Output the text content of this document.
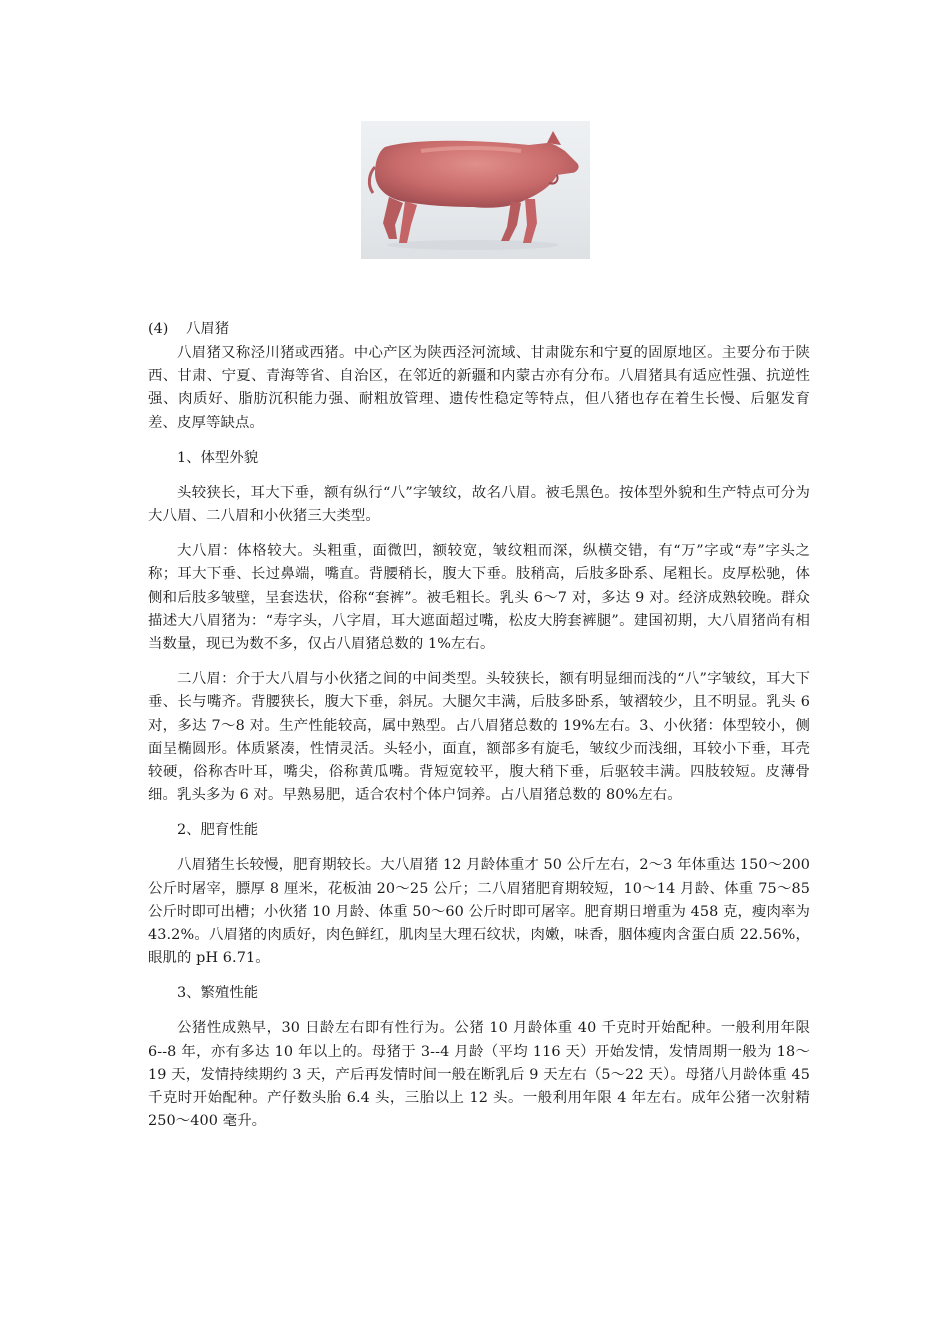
(4) 八眉猪

八眉猪又称泾川猪或西猪。中心产区为陕西泾河流域、甘肃陇东和宁夏的固原地区。主要分布于陕西、甘肃、宁夏、青海等省、自治区，在邻近的新疆和内蒙古亦有分布。八眉猪具有适应性强、抗逆性强、肉质好、脂肪沉积能力强、耐粗放管理、遗传性稳定等特点，但八猪也存在着生长慢、后躯发育差、皮厚等缺点。

1、体型外貌

头较狭长，耳大下垂，额有纵行“八”字皱纹，故名八眉。被毛黑色。按体型外貌和生产特点可分为大八眉、二八眉和小伙猪三大类型。

大八眉：体格较大。头粗重，面微凹，额较宽，皱纹粗而深，纵横交错，有“万”字或“寿”字头之称；耳大下垂、长过鼻端，嘴直。背腰稍长，腹大下垂。肢稍高，后肢多卧系、尾粗长。皮厚松驰，体侧和后肢多皱壁，呈套迭状，俗称“套裤”。被毛粗长。乳头 6～7 对，多达 9 对。经济成熟较晚。群众描述大八眉猪为：“寿字头，八字眉，耳大遮面超过嘴，松皮大胯套裤腿”。建国初期，大八眉猪尚有相当数量，现已为数不多，仅占八眉猪总数的 1%左右。

二八眉：介于大八眉与小伙猪之间的中间类型。头较狭长，额有明显细而浅的“八”字皱纹，耳大下垂、长与嘴齐。背腰狭长，腹大下垂，斜尻。大腿欠丰满，后肢多卧系，皱褶较少，且不明显。乳头 6 对，多达 7～8 对。生产性能较高，属中熟型。占八眉猪总数的 19%左右。3、小伙猪：体型较小，侧面呈椭圆形。体质紧凑，性情灵活。头轻小，面直，额部多有旋毛，皱纹少而浅细，耳较小下垂，耳壳较硬，俗称杏叶耳，嘴尖，俗称黄瓜嘴。背短宽较平，腹大稍下垂，后驱较丰满。四肢较短。皮薄骨细。乳头多为 6 对。早熟易肥，适合农村个体户饲养。占八眉猪总数的 80%左右。

2、肥育性能

八眉猪生长较慢，肥育期较长。大八眉猪 12 月龄体重才 50 公斤左右，2～3 年体重达 150～200 公斤时屠宰，膘厚 8 厘米，花板油 20～25 公斤；二八眉猪肥育期较短，10～14 月龄、体重 75～85 公斤时即可出槽；小伙猪 10 月龄、体重 50～60 公斤时即可屠宰。肥育期日增重为 458 克，瘦肉率为 43.2%。八眉猪的肉质好，肉色鲜红，肌肉呈大理石纹状，肉嫩，味香，胭体瘦肉含蛋白质 22.56%，眼肌的 pH 6.71。

3、繁殖性能

公猪性成熟早，30 日龄左右即有性行为。公猪 10 月龄体重 40 千克时开始配种。一般利用年限 6--8 年，亦有多达 10 年以上的。母猪于 3--4 月龄（平均 116 天）开始发情，发情周期一般为 18～19 天，发情持续期约 3 天，产后再发情时间一般在断乳后 9 天左右（5～22 天）。母猪八月龄体重 45 千克时开始配种。产仔数头胎 6.4 头，三胎以上 12 头。一般利用年限 4 年左右。成年公猪一次射精 250～400 毫升。
